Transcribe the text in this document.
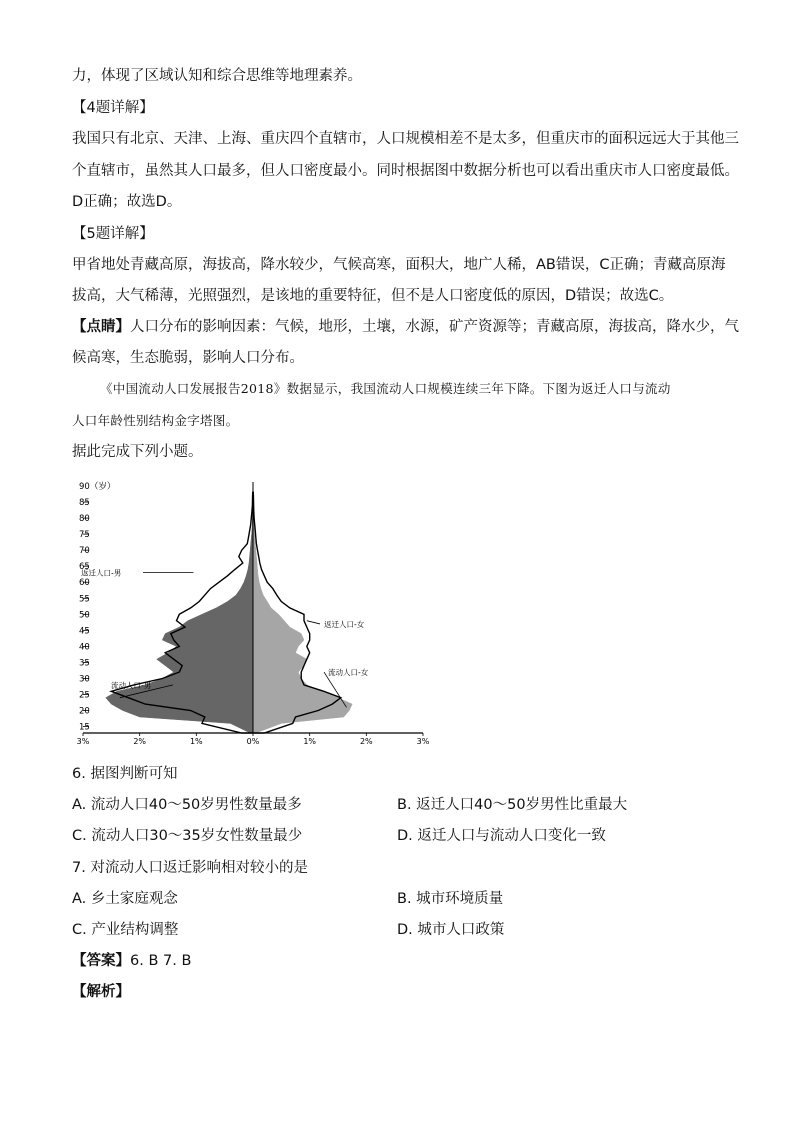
力，体现了区域认知和综合思维等地理素养。
【4题详解】
我国只有北京、天津、上海、重庆四个直辖市，人口规模相差不是太多，但重庆市的面积远远大于其他三
个直辖市，虽然其人口最多，但人口密度最小。同时根据图中数据分析也可以看出重庆市人口密度最低。
D正确；故选D。
【5题详解】
甲省地处青藏高原，海拔高，降水较少，气候高寒，面积大，地广人稀，AB错误，C正确；青藏高原海
拔高，大气稀薄，光照强烈，是该地的重要特征，但不是人口密度低的原因，D错误；故选C。
【点睛】人口分布的影响因素：气候，地形，土壤，水源，矿产资源等；青藏高原，海拔高，降水少，气
候高寒，生态脆弱，影响人口分布。
《中国流动人口发展报告2018》数据显示，我国流动人口规模连续三年下降。下图为返迁人口与流动
人口年龄性别结构金字塔图。
据此完成下列小题。
15
20
25
30
35
40
45
50
55
60
65
70
75
80
85
90（岁）
3%	2%	1%	0%	1%	2%	3%
返迁人口-男
返迁人口-女
流动人口-男
流动人口-女
6. 据图判断可知
A. 流动人口40～50岁男性数量最多	B. 返迁人口40～50岁男性比重最大
C. 流动人口30～35岁女性数量最少	D. 返迁人口与流动人口变化一致
7. 对流动人口返迁影响相对较小的是
A. 乡土家庭观念	B. 城市环境质量
C. 产业结构调整	D. 城市人口政策
【答案】6. B 7. B
【解析】
